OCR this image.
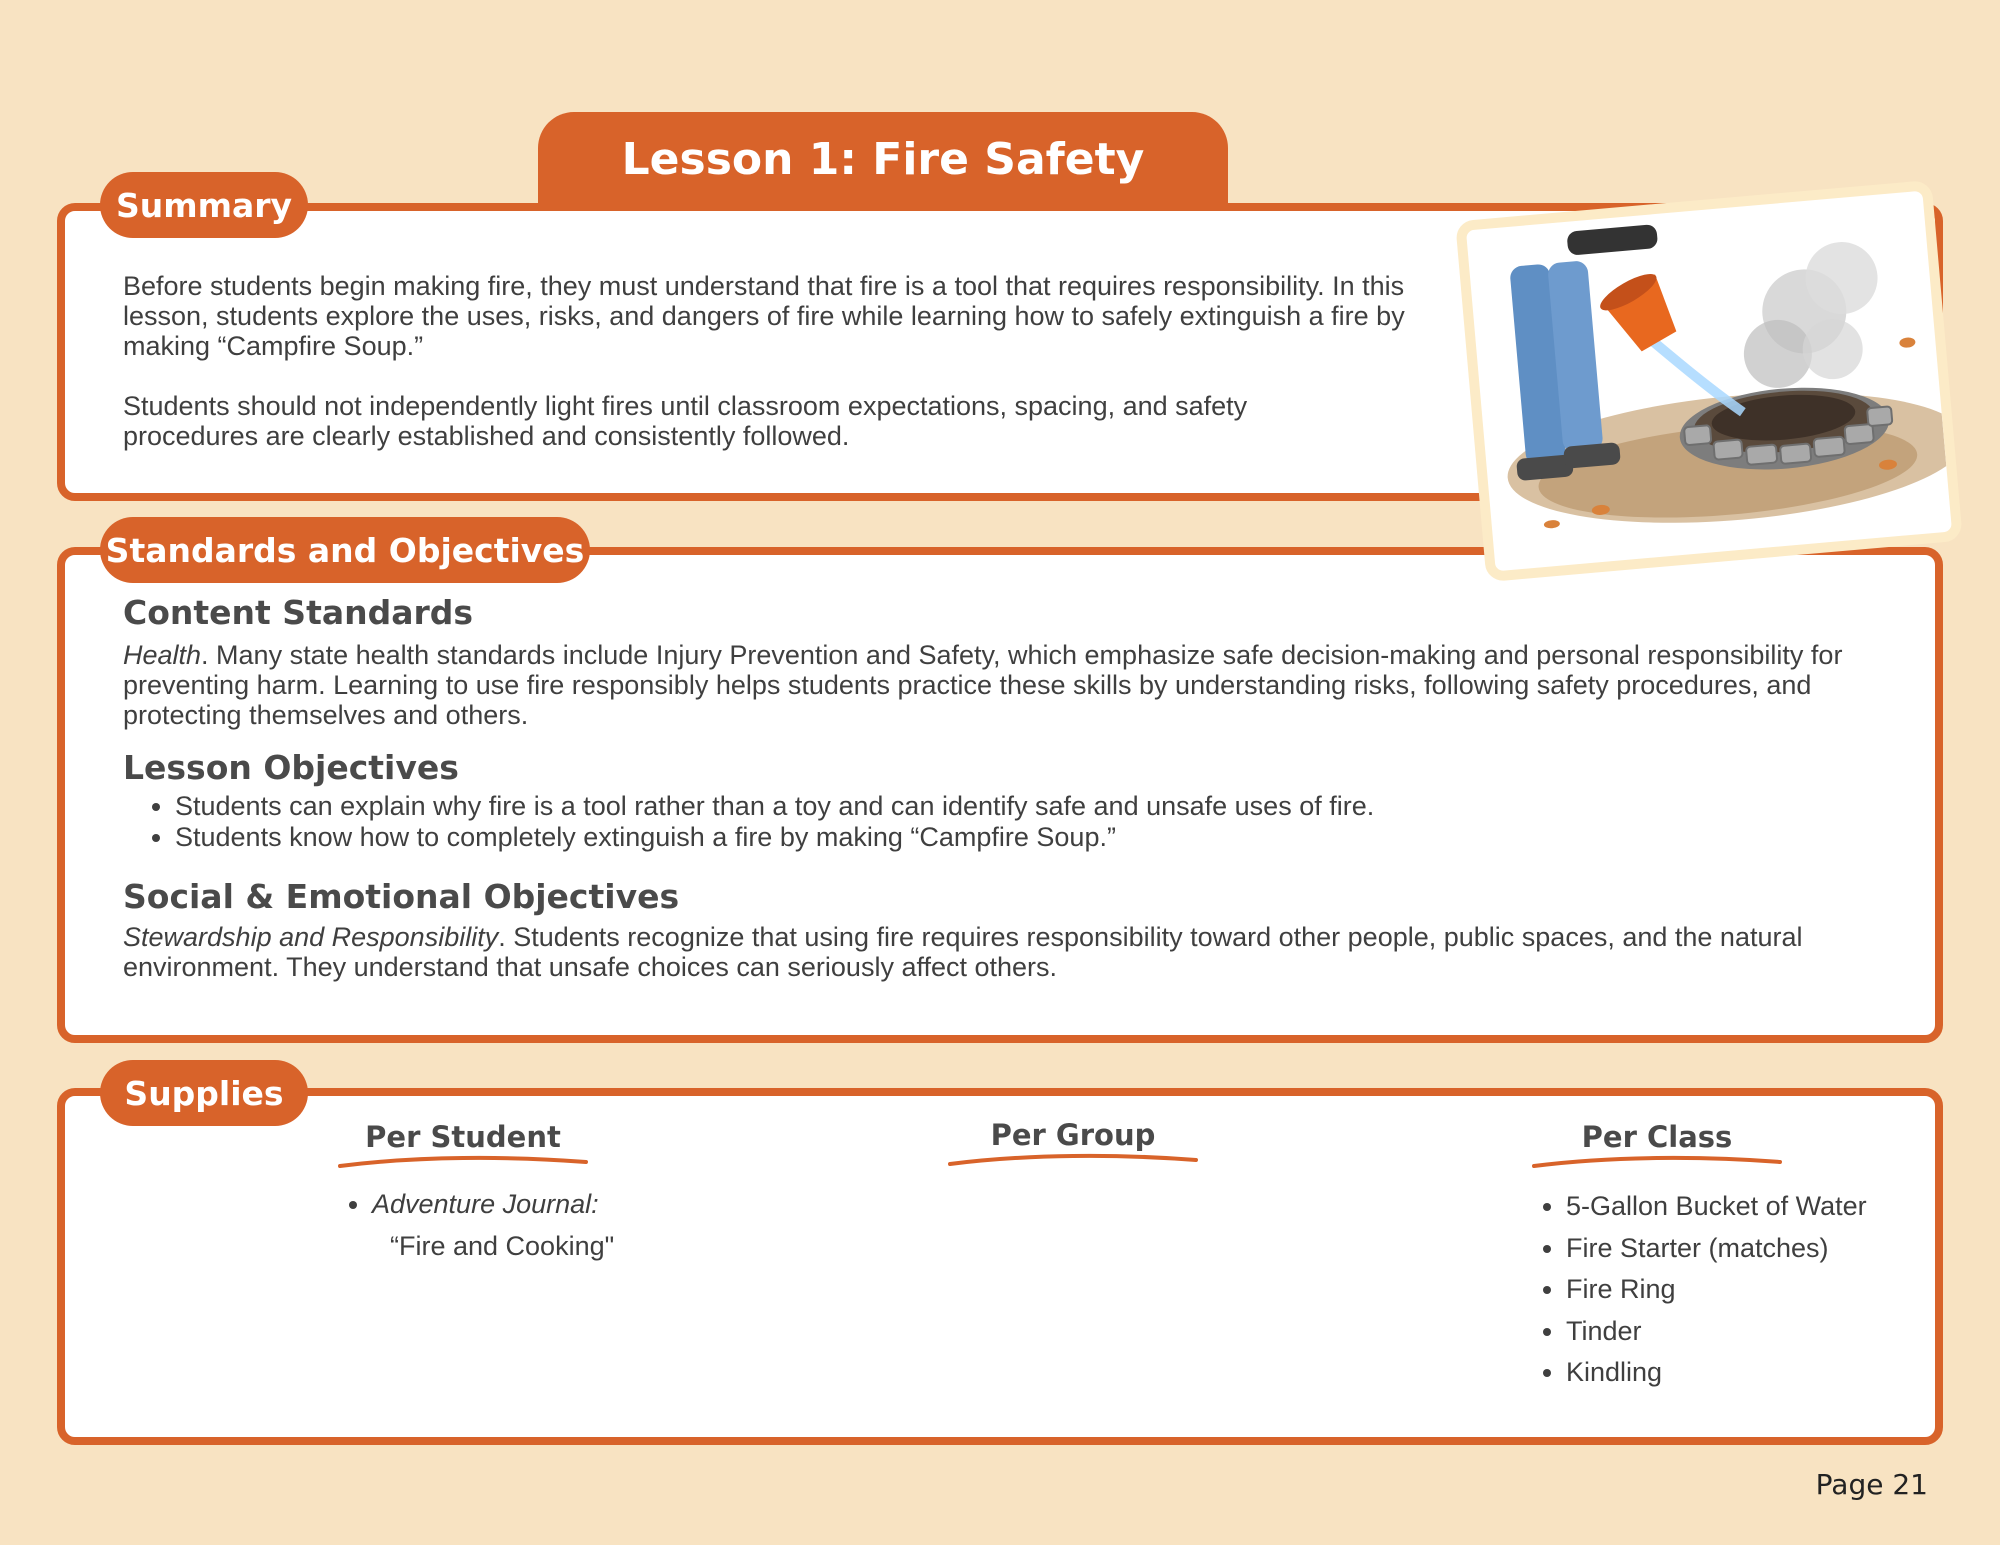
Lesson 1: Fire Safety

Before students begin making fire, they must understand that fire is a tool that requires responsibility. In this lesson, students explore the uses, risks, and dangers of fire while learning how to safely extinguish a fire by making “Campfire Soup.”

Students should not independently light fires until classroom expectations, spacing, and safety procedures are clearly established and consistently followed.

Summary
Content Standards

Health. Many state health standards include Injury Prevention and Safety, which emphasize safe decision-making and personal responsibility for preventing harm. Learning to use fire responsibly helps students practice these skills by understanding risks, following safety procedures, and protecting themselves and others.

Lesson Objectives
• Students can explain why fire is a tool rather than a toy and can identify safe and unsafe uses of fire.
• Students know how to completely extinguish a fire by making “Campfire Soup.”
Social & Emotional Objectives

Stewardship and Responsibility. Students recognize that using fire requires responsibility toward other people, public spaces, and the natural environment. They understand that unsafe choices can seriously affect others.

Standards and Objectives
Supplies
Per Student
• Adventure Journal:
“Fire and Cooking"
Per Group	Per Class
• 5-Gallon Bucket of Water
• Fire Starter (matches)
• Fire Ring
• Tinder
• Kindling
Page 21
